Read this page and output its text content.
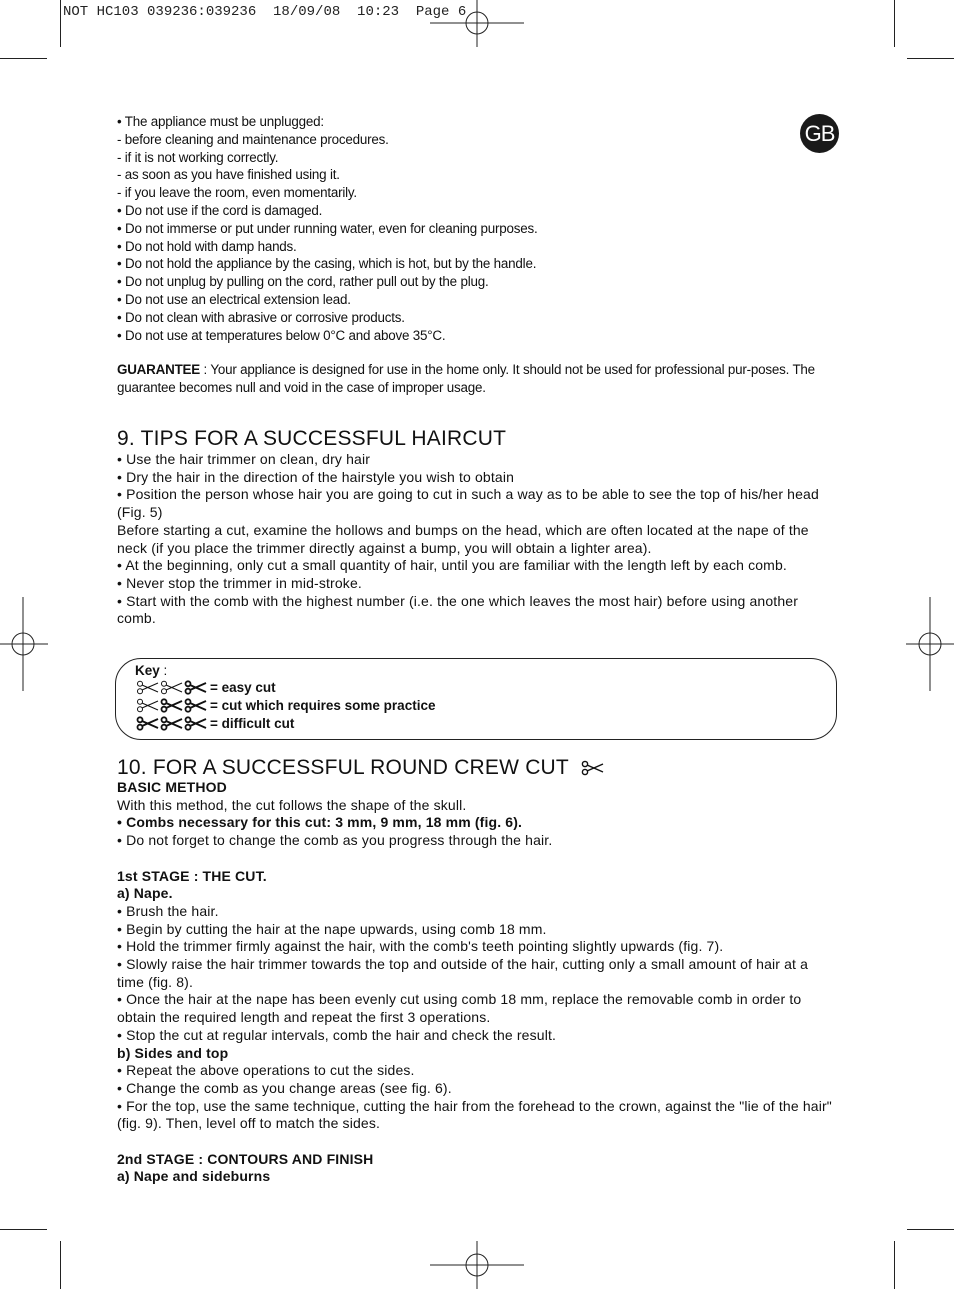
NOT HC103 039236:039236  18/09/08  10:23  Page 6
GB
• The appliance must be unplugged:
- before cleaning and maintenance procedures.
- if it is not working correctly.
- as soon as you have finished using it.
- if you leave the room, even momentarily.
• Do not use if the cord is damaged.
• Do not immerse or put under running water, even for cleaning purposes.
• Do not hold with damp hands.
• Do not hold the appliance by the casing, which is hot, but by the handle.
• Do not unplug by pulling on the cord, rather pull out by the plug.
• Do not use an electrical extension lead.
• Do not clean with abrasive or corrosive products.
• Do not use at temperatures below 0°C and above 35°C.
GUARANTEE : Your appliance is designed for use in the home only. It should not be used for professional pur-poses. The guarantee becomes null and void in the case of improper usage.
9. TIPS FOR A SUCCESSFUL HAIRCUT
• Use the hair trimmer on clean, dry hair
• Dry the hair in the direction of the hairstyle you wish to obtain
• Position the person whose hair you are going to cut in such a way as to be able to see the top of his/her head (Fig. 5)
Before starting a cut, examine the hollows and bumps on the head, which are often located at the nape of the neck (if you place the trimmer directly against a bump, you will obtain a lighter area).
• At the beginning, only cut a small quantity of hair, until you are familiar with the length left by each comb.
• Never stop the trimmer in mid-stroke.
• Start with the comb with the highest number (i.e. the one which leaves the most hair) before using another comb.
Key :
= easy cut
= cut which requires some practice
= difficult cut
10. FOR A SUCCESSFUL ROUND CREW CUT
BASIC METHOD
With this method, the cut follows the shape of the skull.
• Combs necessary for this cut: 3 mm, 9 mm, 18 mm (fig. 6).
• Do not forget to change the comb as you progress through the hair.
1st STAGE : THE CUT.
a) Nape.
• Brush the hair.
• Begin by cutting the hair at the nape upwards, using comb 18 mm.
• Hold the trimmer firmly against the hair, with the comb's teeth pointing slightly upwards (fig. 7).
• Slowly raise the hair trimmer towards the top and outside of the hair, cutting only a small amount of hair at a time (fig. 8).
• Once the hair at the nape has been evenly cut using comb 18 mm, replace the removable comb in order to obtain the required length and repeat the first 3 operations.
• Stop the cut at regular intervals, comb the hair and check the result.
b) Sides and top
• Repeat the above operations to cut the sides.
• Change the comb as you change areas (see fig. 6).
• For the top, use the same technique, cutting the hair from the forehead to the crown, against the "lie of the hair" (fig. 9). Then, level off to match the sides.
2nd STAGE : CONTOURS AND FINISH
a) Nape and sideburns
